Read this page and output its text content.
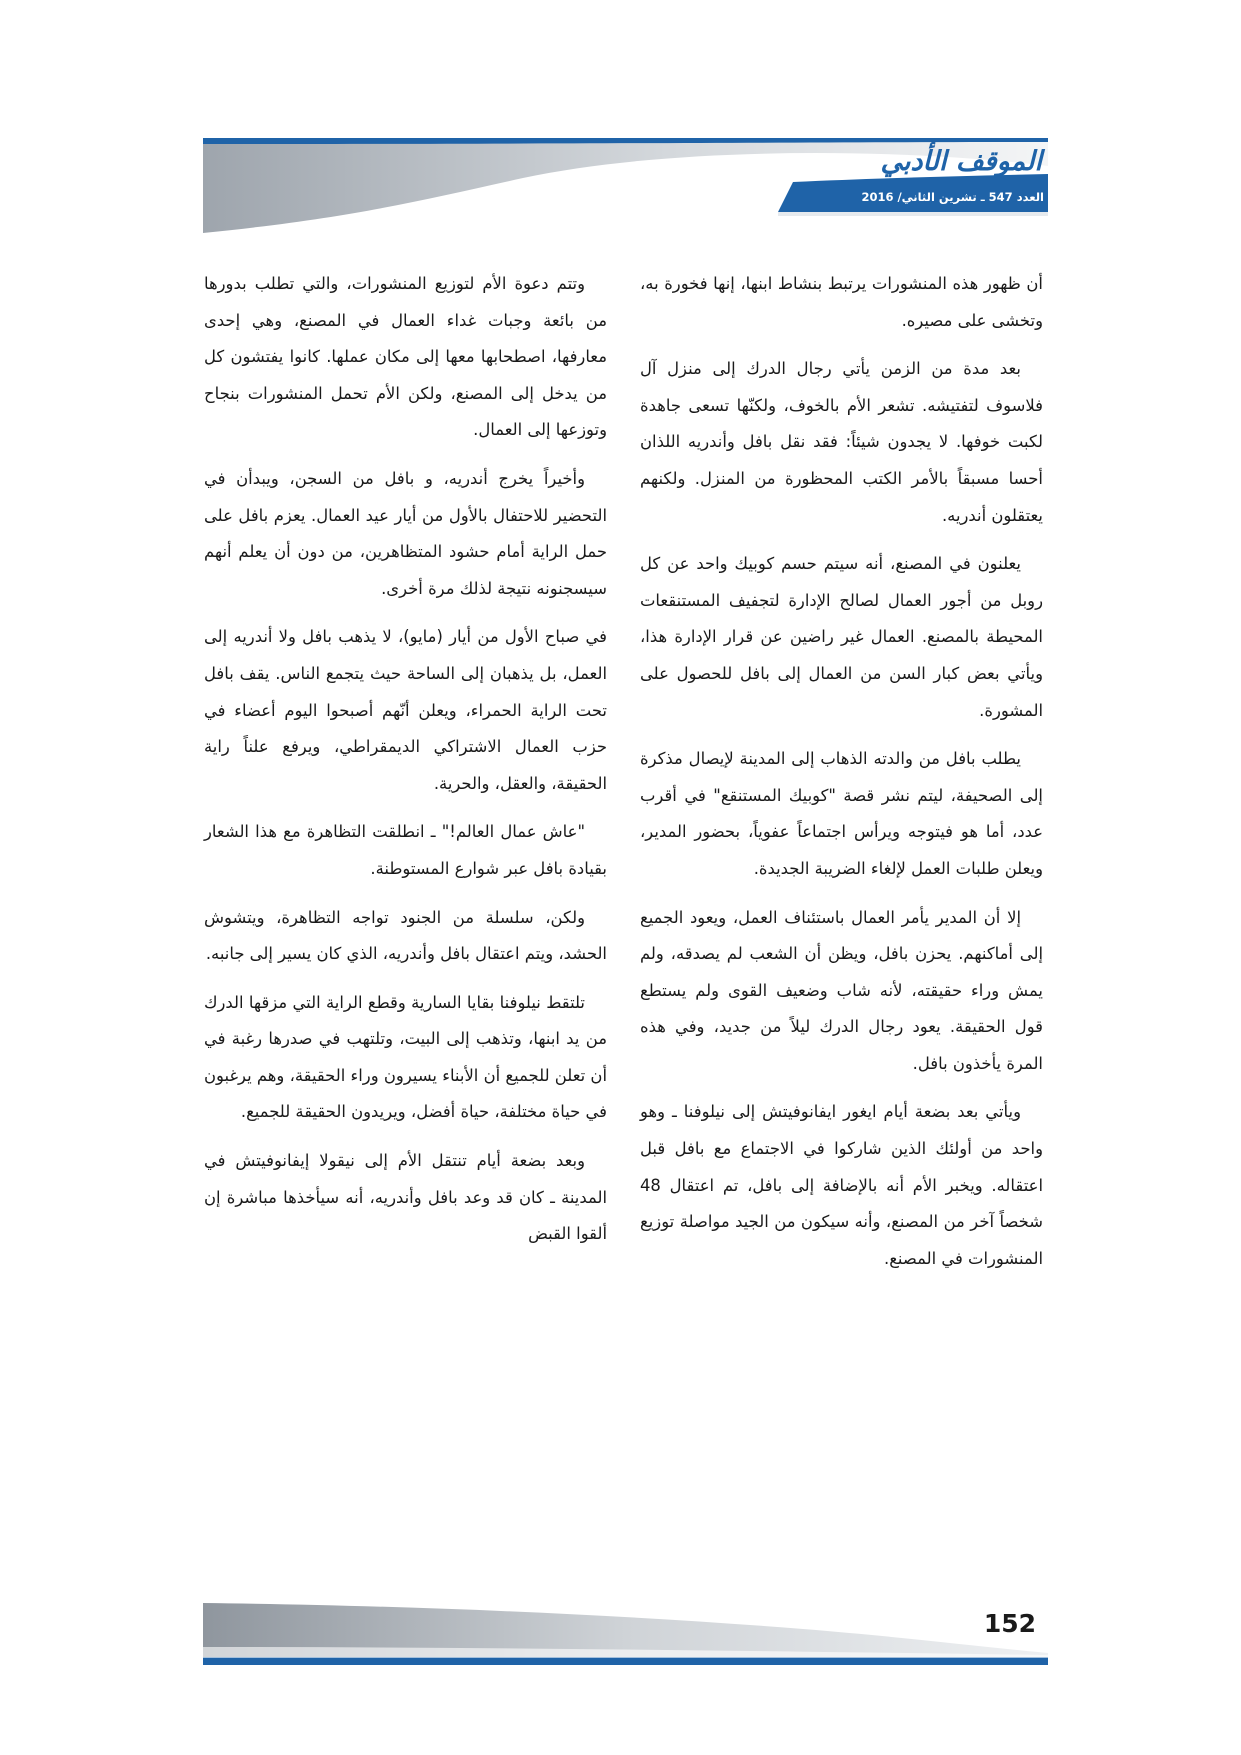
الموقف الأدبي
العدد 547 ـ تشرين الثاني/ 2016

أن ظهور هذه المنشورات يرتبط بنشاط ابنها، إنها فخورة به، وتخشى على مصيره.

بعد مدة من الزمن يأتي رجال الدرك إلى منزل آل فلاسوف لتفتيشه. تشعر الأم بالخوف، ولكنّها تسعى جاهدة لكبت خوفها. لا يجدون شيئاً: فقد نقل بافل وأندريه اللذان أحسا مسبقاً بالأمر الكتب المحظورة من المنزل. ولكنهم يعتقلون أندريه.

يعلنون في المصنع، أنه سيتم حسم كوبيك واحد عن كل روبل من أجور العمال لصالح الإدارة لتجفيف المستنقعات المحيطة بالمصنع. العمال غير راضين عن قرار الإدارة هذا، ويأتي بعض كبار السن من العمال إلى بافل للحصول على المشورة.

يطلب بافل من والدته الذهاب إلى المدينة لإيصال مذكرة إلى الصحيفة، ليتم نشر قصة "كوبيك المستنقع" في أقرب عدد، أما هو فيتوجه ويرأس اجتماعاً عفوياً، بحضور المدير، ويعلن طلبات العمل لإلغاء الضريبة الجديدة.

إلا أن المدير يأمر العمال باستئناف العمل، ويعود الجميع إلى أماكنهم. يحزن بافل، ويظن أن الشعب لم يصدقه، ولم يمش وراء حقيقته، لأنه شاب وضعيف القوى ولم يستطع قول الحقيقة. يعود رجال الدرك ليلاً من جديد، وفي هذه المرة يأخذون بافل.

ويأتي بعد بضعة أيام ايغور ايفانوفيتش إلى نيلوفنا ـ وهو واحد من أولئك الذين شاركوا في الاجتماع مع بافل قبل اعتقاله. ويخبر الأم أنه بالإضافة إلى بافل، تم اعتقال 48 شخصاً آخر من المصنع، وأنه سيكون من الجيد مواصلة توزيع المنشورات في المصنع.

وتتم دعوة الأم لتوزيع المنشورات، والتي تطلب بدورها من بائعة وجبات غداء العمال في المصنع، وهي إحدى معارفها، اصطحابها معها إلى مكان عملها. كانوا يفتشون كل من يدخل إلى المصنع، ولكن الأم تحمل المنشورات بنجاح وتوزعها إلى العمال.

وأخيراً يخرج أندريه، و بافل من السجن، ويبدأن في التحضير للاحتفال بالأول من أيار عيد العمال. يعزم بافل على حمل الراية أمام حشود المتظاهرين، من دون أن يعلم أنهم سيسجنونه نتيجة لذلك مرة أخرى.

في صباح الأول من أيار (مايو)، لا يذهب بافل ولا أندريه إلى العمل، بل يذهبان إلى الساحة حيث يتجمع الناس. يقف بافل تحت الراية الحمراء، ويعلن أنّهم أصبحوا اليوم أعضاء في حزب العمال الاشتراكي الديمقراطي، ويرفع علناً راية الحقيقة، والعقل، والحرية.

"عاش عمال العالم!" ـ انطلقت التظاهرة مع هذا الشعار بقيادة بافل عبر شوارع المستوطنة.

ولكن، سلسلة من الجنود تواجه التظاهرة، ويتشوش الحشد، ويتم اعتقال بافل وأندريه، الذي كان يسير إلى جانبه.

تلتقط نيلوفنا بقايا السارية وقطع الراية التي مزقها الدرك من يد ابنها، وتذهب إلى البيت، وتلتهب في صدرها رغبة في أن تعلن للجميع أن الأبناء يسيرون وراء الحقيقة، وهم يرغبون في حياة مختلفة، حياة أفضل، ويريدون الحقيقة للجميع.

وبعد بضعة أيام تنتقل الأم إلى نيقولا إيفانوفيتش في المدينة ـ كان قد وعد بافل وأندريه، أنه سيأخذها مباشرة إن ألقوا القبض

152
